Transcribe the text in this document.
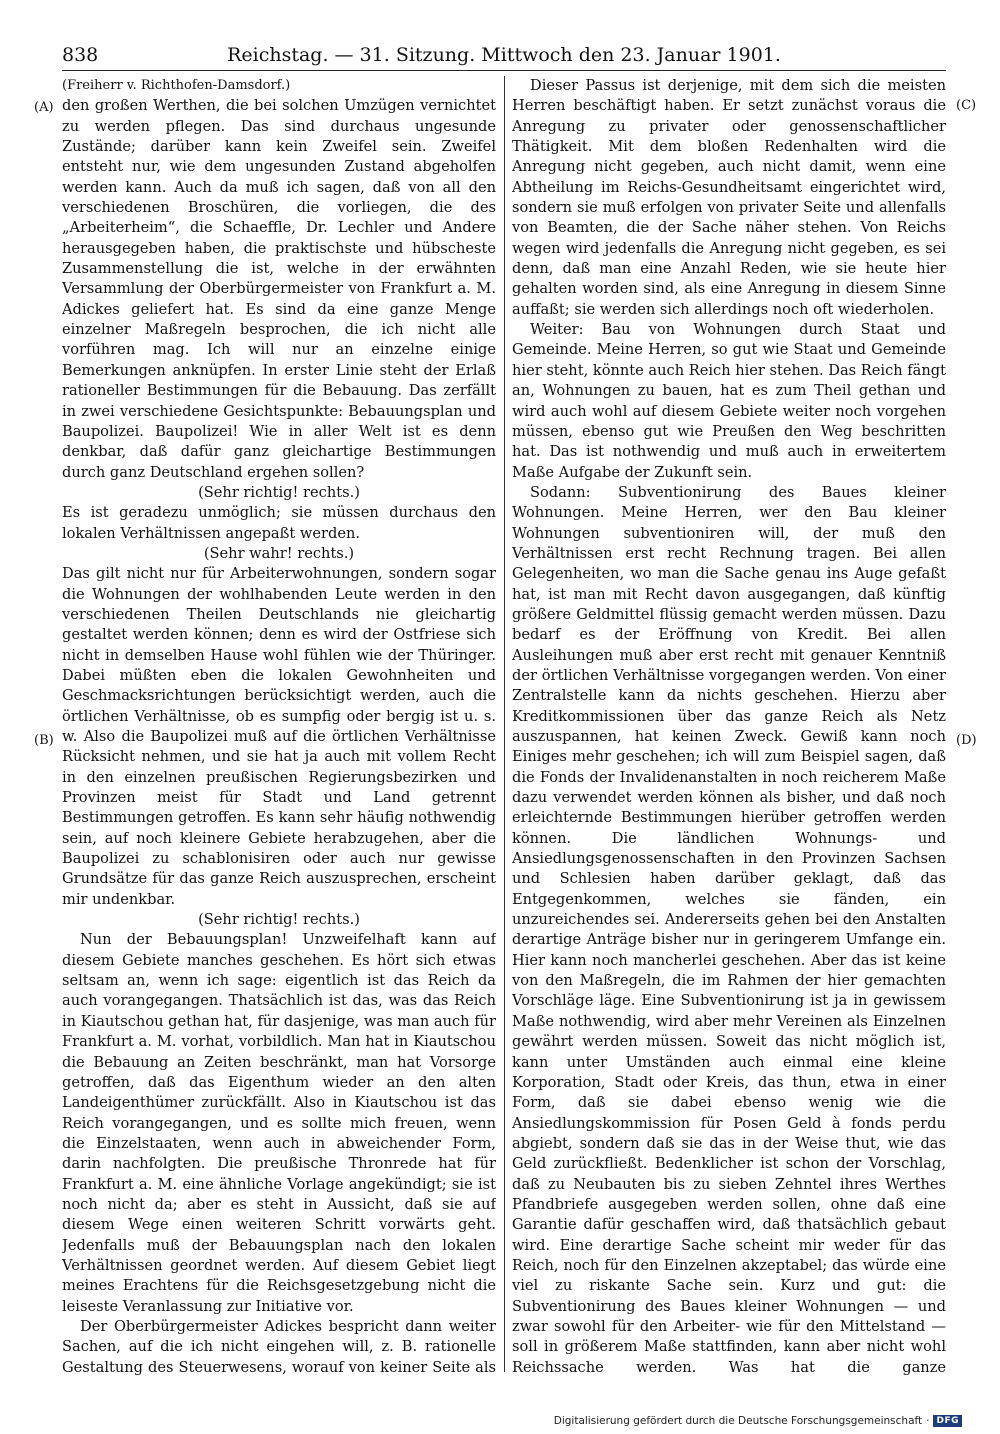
838	Reichstag. — 31. Sitzung. Mittwoch den 23. Januar 1901.
(A)
(B)
(C)
(D)

(Freiherr v. Richthofen-Damsdorf.)

den großen Werthen, die bei solchen Umzügen vernichtet zu werden pflegen. Das sind durchaus ungesunde Zustände; darüber kann kein Zweifel sein. Zweifel entsteht nur, wie dem ungesunden Zustand abgeholfen werden kann. Auch da muß ich sagen, daß von all den verschiedenen Broschüren, die vorliegen, die des „Arbeiterheim“, die Schaeffle, Dr. Lechler und Andere herausgegeben haben, die praktischste und hübscheste Zusammenstellung die ist, welche in der erwähnten Versammlung der Oberbürgermeister von Frankfurt a. M. Adickes geliefert hat. Es sind da eine ganze Menge einzelner Maßregeln besprochen, die ich nicht alle vorführen mag. Ich will nur an einzelne einige Bemerkungen anknüpfen. In erster Linie steht der Erlaß rationeller Bestimmungen für die Bebauung. Das zerfällt in zwei verschiedene Gesichtspunkte: Bebauungsplan und Baupolizei. Baupolizei! Wie in aller Welt ist es denn denkbar, daß dafür ganz gleichartige Bestimmungen durch ganz Deutschland ergehen sollen?

(Sehr richtig! rechts.)

Es ist geradezu unmöglich; sie müssen durchaus den lokalen Verhältnissen angepaßt werden.

(Sehr wahr! rechts.)

Das gilt nicht nur für Arbeiterwohnungen, sondern sogar die Wohnungen der wohlhabenden Leute werden in den verschiedenen Theilen Deutschlands nie gleichartig gestaltet werden können; denn es wird der Ostfriese sich nicht in demselben Hause wohl fühlen wie der Thüringer. Dabei müßten eben die lokalen Gewohnheiten und Geschmacksrichtungen berücksichtigt werden, auch die örtlichen Verhältnisse, ob es sumpfig oder bergig ist u. s. w. Also die Baupolizei muß auf die örtlichen Verhältnisse Rücksicht nehmen, und sie hat ja auch mit vollem Recht in den einzelnen preußischen Regierungsbezirken und Provinzen meist für Stadt und Land getrennt Bestimmungen getroffen. Es kann sehr häufig nothwendig sein, auf noch kleinere Gebiete herabzugehen, aber die Baupolizei zu schablonisiren oder auch nur gewisse Grundsätze für das ganze Reich auszusprechen, erscheint mir undenkbar.

(Sehr richtig! rechts.)

Nun der Bebauungsplan! Unzweifelhaft kann auf diesem Gebiete manches geschehen. Es hört sich etwas seltsam an, wenn ich sage: eigentlich ist das Reich da auch vorangegangen. Thatsächlich ist das, was das Reich in Kiautschou gethan hat, für dasjenige, was man auch für Frankfurt a. M. vorhat, vorbildlich. Man hat in Kiautschou die Bebauung an Zeiten beschränkt, man hat Vorsorge getroffen, daß das Eigenthum wieder an den alten Landeigenthümer zurückfällt. Also in Kiautschou ist das Reich vorangegangen, und es sollte mich freuen, wenn die Einzelstaaten, wenn auch in abweichender Form, darin nachfolgten. Die preußische Thronrede hat für Frankfurt a. M. eine ähnliche Vorlage angekündigt; sie ist noch nicht da; aber es steht in Aussicht, daß sie auf diesem Wege einen weiteren Schritt vorwärts geht. Jedenfalls muß der Bebauungsplan nach den lokalen Verhältnissen geordnet werden. Auf diesem Gebiet liegt meines Erachtens für die Reichsgesetzgebung nicht die leiseste Veranlassung zur Initiative vor.

Der Oberbürgermeister Adickes bespricht dann weiter Sachen, auf die ich nicht eingehen will, z. B. rationelle Gestaltung des Steuerwesens, worauf von keiner Seite als

Dieser Passus ist derjenige, mit dem sich die meisten Herren beschäftigt haben. Er setzt zunächst voraus die Anregung zu privater oder genossenschaftlicher Thätigkeit. Mit dem bloßen Redenhalten wird die Anregung nicht gegeben, auch nicht damit, wenn eine Abtheilung im Reichs-Gesundheitsamt eingerichtet wird, sondern sie muß erfolgen von privater Seite und allenfalls von Beamten, die der Sache näher stehen. Von Reichs wegen wird jedenfalls die Anregung nicht gegeben, es sei denn, daß man eine Anzahl Reden, wie sie heute hier gehalten worden sind, als eine Anregung in diesem Sinne auffaßt; sie werden sich allerdings noch oft wiederholen.

Weiter: Bau von Wohnungen durch Staat und Gemeinde. Meine Herren, so gut wie Staat und Gemeinde hier steht, könnte auch Reich hier stehen. Das Reich fängt an, Wohnungen zu bauen, hat es zum Theil gethan und wird auch wohl auf diesem Gebiete weiter noch vorgehen müssen, ebenso gut wie Preußen den Weg beschritten hat. Das ist nothwendig und muß auch in erweitertem Maße Aufgabe der Zukunft sein.

Sodann: Subventionirung des Baues kleiner Wohnungen. Meine Herren, wer den Bau kleiner Wohnungen subventioniren will, der muß den Verhältnissen erst recht Rechnung tragen. Bei allen Gelegenheiten, wo man die Sache genau ins Auge gefaßt hat, ist man mit Recht davon ausgegangen, daß künftig größere Geldmittel flüssig gemacht werden müssen. Dazu bedarf es der Eröffnung von Kredit. Bei allen Ausleihungen muß aber erst recht mit genauer Kenntniß der örtlichen Verhältnisse vorgegangen werden. Von einer Zentralstelle kann da nichts geschehen. Hierzu aber Kreditkommissionen über das ganze Reich als Netz auszuspannen, hat keinen Zweck. Gewiß kann noch Einiges mehr geschehen; ich will zum Beispiel sagen, daß die Fonds der Invalidenanstalten in noch reicherem Maße dazu verwendet werden können als bisher, und daß noch erleichternde Bestimmungen hierüber getroffen werden können. Die ländlichen Wohnungs- und Ansiedlungsgenossenschaften in den Provinzen Sachsen und Schlesien haben darüber geklagt, daß das Entgegenkommen, welches sie fänden, ein unzureichendes sei. Andererseits gehen bei den Anstalten derartige Anträge bisher nur in geringerem Umfange ein. Hier kann noch mancherlei geschehen. Aber das ist keine von den Maßregeln, die im Rahmen der hier gemachten Vorschläge läge. Eine Subventionirung ist ja in gewissem Maße nothwendig, wird aber mehr Vereinen als Einzelnen gewährt werden müssen. Soweit das nicht möglich ist, kann unter Umständen auch einmal eine kleine Korporation, Stadt oder Kreis, das thun, etwa in einer Form, daß sie dabei ebenso wenig wie die Ansiedlungskommission für Posen Geld à fonds perdu abgiebt, sondern daß sie das in der Weise thut, wie das Geld zurückfließt. Bedenklicher ist schon der Vorschlag, daß zu Neubauten bis zu sieben Zehntel ihres Werthes Pfandbriefe ausgegeben werden sollen, ohne daß eine Garantie dafür geschaffen wird, daß thatsächlich gebaut wird. Eine derartige Sache scheint mir weder für das Reich, noch für den Einzelnen akzeptabel; das würde eine viel zu riskante Sache sein. Kurz und gut: die Subventionirung des Baues kleiner Wohnungen — und zwar sowohl für den Arbeiter- wie für den Mittelstand — soll in größerem Maße stattfinden, kann aber nicht wohl Reichssache werden. Was hat die ganze

Digitalisierung gefördert durch die Deutsche Forschungsgemeinschaft · DFG
